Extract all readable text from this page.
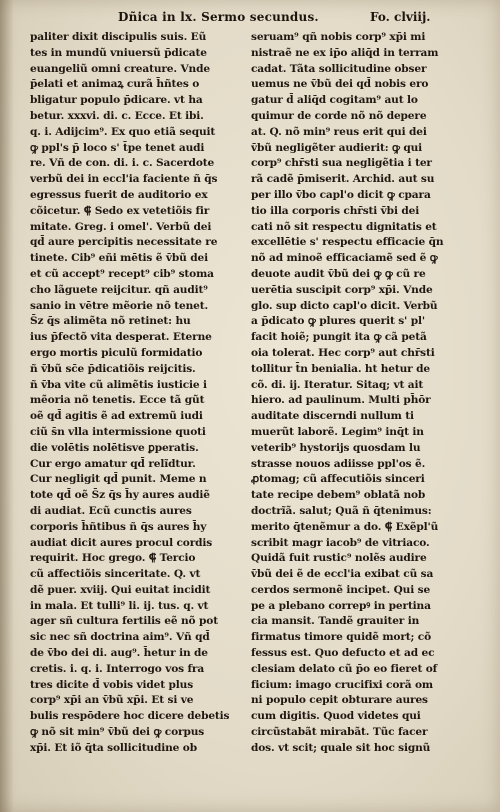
Dñica in lx. Sermo secundus.	Fo. clviij.
paliter dixit discipulis suis. Eũ
tes in mundũ vniuersũ p̄dicate
euangeliũ omni creature. Vnde
p̄elati et animaꝝ curã h̄ñtes o
bligatur populo p̄dicare. vt ha
betur. xxxvi. di. c. Ecce. Et ibi.
q. i. Adijcim⁹. Ex quo etiã sequit
ꝙ ppl's p̄ loco s' t̄pe tenet audi
re. Vñ de con. di. i. c. Sacerdote
verbũ dei in eccl'ia faciente ñ q̄s
egressus fuerit de auditorio ex
cõicetur. ⸿ Sedo ex vetetiõis fir
mitate. Greg. i omel'. Verbũ dei
qd̄ aure percipitis necessitate re
tinete. Cib⁹ eñi mētis ẽ v̄bũ dei
et cũ accept⁹ recept⁹ cib⁹ stoma
cho lãguete reijcitur. qñ audit⁹
sanio in vētre mẽorie nõ tenet.
S̄z q̄s alimẽta nõ retinet: hu
ius p̄fectõ vita desperat. Eterne
ergo mortis piculũ formidatio
ñ v̄bũ sc̄e p̄dicatiõis reijcitis.
ñ v̄ba vite cũ alimẽtis iusticie i
mẽoria nõ tenetis. Ecce tã gũt
oẽ qd̄ agitis ẽ ad extremũ iudi
ciũ s̄n vlla intermissione quoti
die volētis nolētisve ꝑperatis.
Cur ergo amatur qd̄ relĩdtur.
Cur negligit qd̄ punit. Meme n
tote qd̄ oẽ S̄z q̄s h̄y aures audiẽ
di audiat. Ecũ cunctis aures
corporis h̄ñtibus ñ q̄s aures h̄y
audiat dicit aures procul cordis
requirit. Hoc grego. ⸿ Tercio
cũ affectiõis sinceritate. Q. vt
dẽ puer. xviij. Qui euitat incidit
in mala. Et tulli⁹ li. ij. tus. q. vt
ager sñ cultura fertilis eẽ nõ pot
sic nec sñ doctrina aim⁹. Vñ qd̄
de v̄bo dei di. aug⁹. h̄etur in de
cretis. i. q. i. Interrogo vos fra
tres dicite d̄ vobis videt plus
corp⁹ xp̄i an v̄bũ xp̄i. Et si ve
bulis respōdere hoc dicere debetis
ꝙ nõ sit min⁹ v̄bũ dei ꝙ corpus
xp̄i. Et iõ q̄ta sollicitudine ob
seruam⁹ qñ nobis corp⁹ xp̄i mi
nistraẽ ne ex ip̄o aliq̄d in terram
cadat. Tãta sollicitudine obser
uemus ne v̄bũ dei qd̄ nobis ero
gatur d̄ aliq̄d cogitam⁹ aut lo
quimur de corde nõ nõ depere
at. Q. nõ min⁹ reus erit qui dei
v̄bũ negligẽter audierit: ꝙ qui
corp⁹ chr̄sti sua negligẽtia i ter
rã cadẽ p̄miserit. Archid. aut su
per illo v̄bo capl'o dicit ꝙ cpara
tio illa corporis chr̄sti v̄bi dei
cati nõ sit respectu dignitatis et
excellētie s' respectu efficacie q̄n
nõ ad minoẽ efficaciamẽ sed ẽ ꝙ
deuote audit v̄bũ dei ꝙ ꝙ cũ re
uerētia suscipit corp⁹ xp̄i. Vnde
glo. sup dicto capl'o dicit. Verbũ
a p̄dicato ꝙ plures querit s' pl'
facit hoiẽ; pungit ita ꝙ cã petã
oia tolerat. Hec corp⁹ aut chr̄sti
tollitur t̄n benialia. ht hetur de
cõ. di. ij. Iteratur. Sitaq; vt ait
hiero. ad paulinum. Multi ph̄ōr
auditate discerndi nullum ti
muerũt laborẽ. Legim⁹ inq̄t in
veterib⁹ hystorijs quosdam lu
strasse nouos adiisse ppl'os ẽ.
ꝓtomag; cũ affecutiõis sinceri
tate recipe debem⁹ oblatã nob
doctrĩã. salut; Quã ñ q̄tenimus:
merito q̄tenẽmur a do. ⸿ Exẽpl'ũ
scribit magr iacob⁹ de vitriaco.
Quidã fuit rustic⁹ nolẽs audire
v̄bũ dei ẽ de eccl'ia exibat cũ sa
cerdos sermonẽ incipet. Qui se
pe a plebano correpꝰ in pertina
cia mansit. Tandẽ grauiter in
firmatus timore quidẽ mort; cõ
fessus est. Quo defucto et ad ec
clesiam delato cũ p̄o eo fieret of
ficium: imago crucifixi corã om
ni populo cepit obturare aures
cum digitis. Quod videtes qui
circũstabãt mirabãt. Tũc facer
dos. vt scit; quale sit hoc signũ
